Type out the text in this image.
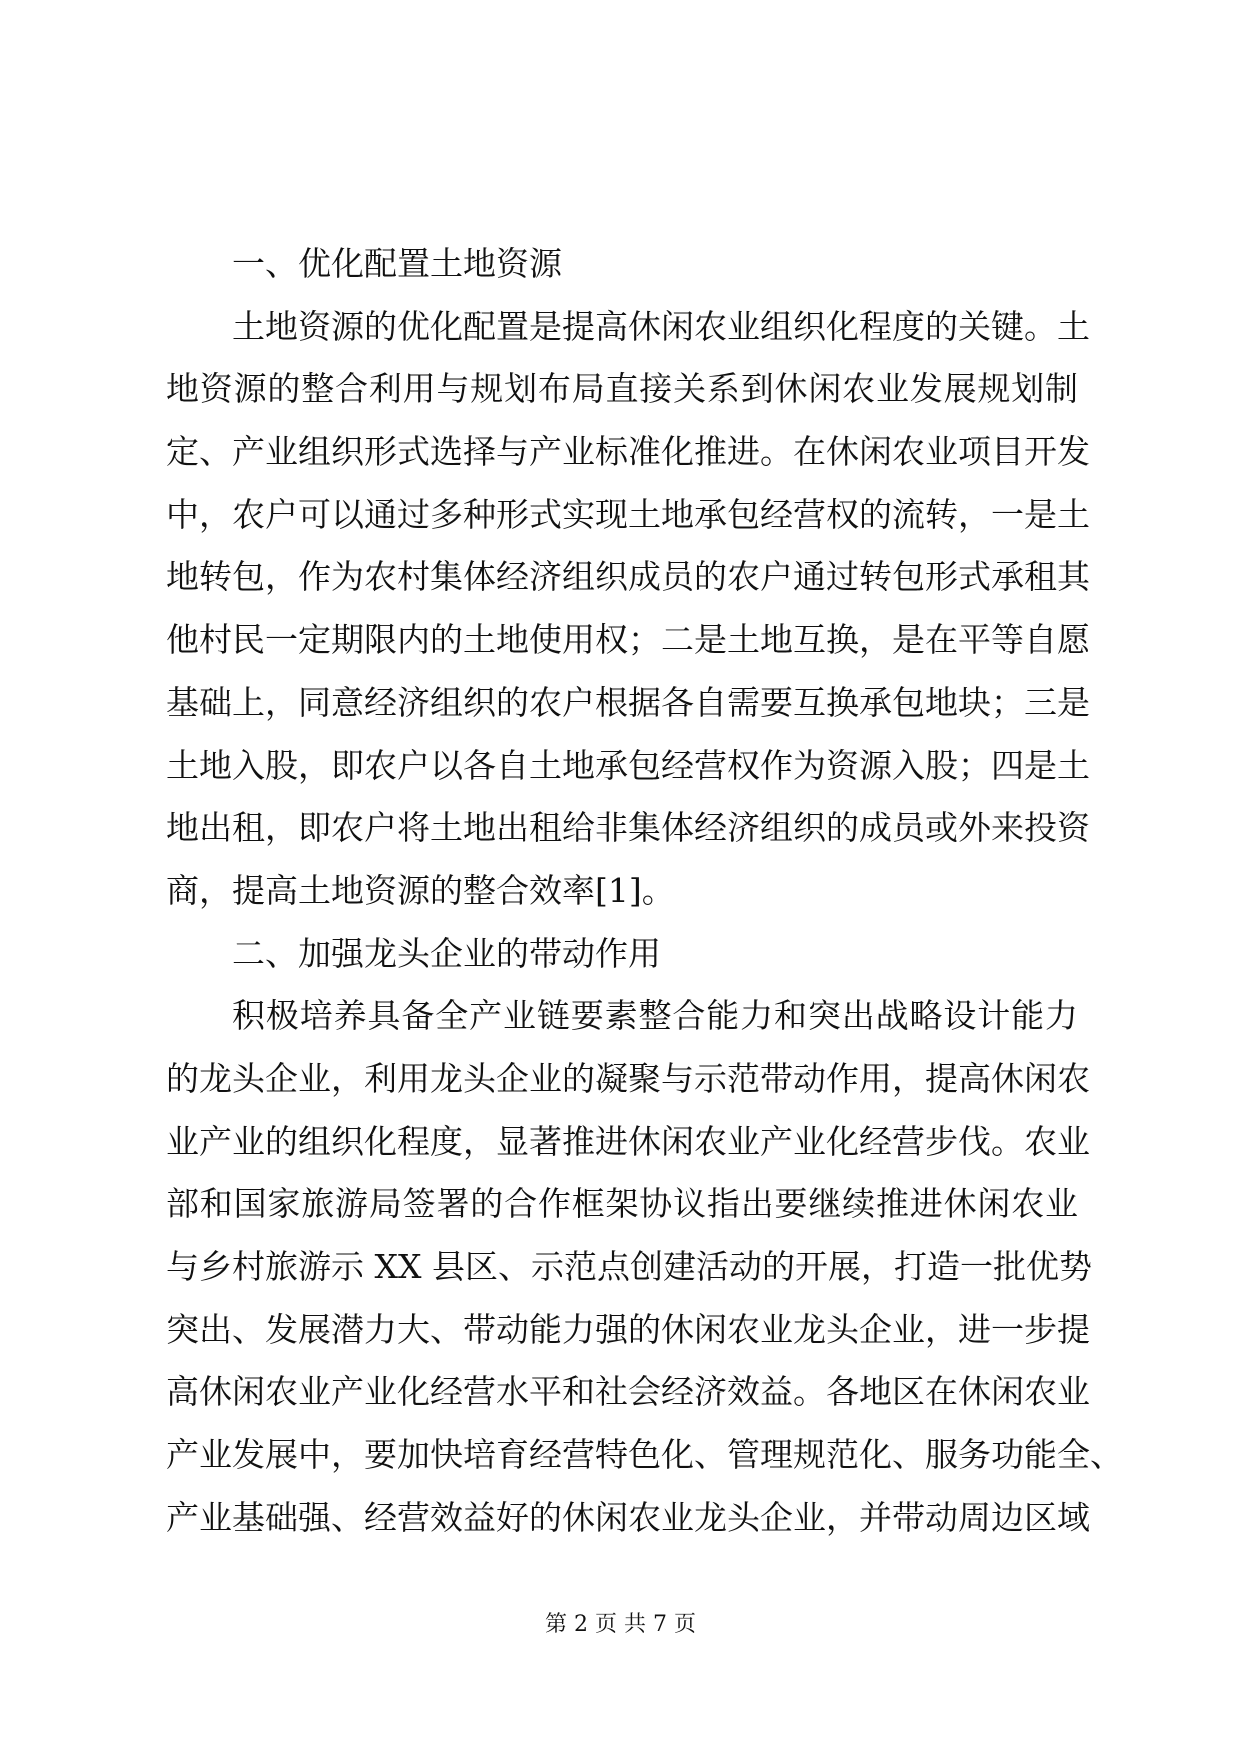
一、优化配置土地资源
土地资源的优化配置是提高休闲农业组织化程度的关键。土
地资源的整合利用与规划布局直接关系到休闲农业发展规划制
定、产业组织形式选择与产业标准化推进。在休闲农业项目开发
中，农户可以通过多种形式实现土地承包经营权的流转，一是土
地转包，作为农村集体经济组织成员的农户通过转包形式承租其
他村民一定期限内的土地使用权；二是土地互换，是在平等自愿
基础上，同意经济组织的农户根据各自需要互换承包地块；三是
土地入股，即农户以各自土地承包经营权作为资源入股；四是土
地出租，即农户将土地出租给非集体经济组织的成员或外来投资
商，提高土地资源的整合效率[1]。
二、加强龙头企业的带动作用
积极培养具备全产业链要素整合能力和突出战略设计能力
的龙头企业，利用龙头企业的凝聚与示范带动作用，提高休闲农
业产业的组织化程度，显著推进休闲农业产业化经营步伐。农业
部和国家旅游局签署的合作框架协议指出要继续推进休闲农业
与乡村旅游示 XX 县区、示范点创建活动的开展，打造一批优势
突出、发展潜力大、带动能力强的休闲农业龙头企业，进一步提
高休闲农业产业化经营水平和社会经济效益。各地区在休闲农业
产业发展中，要加快培育经营特色化、管理规范化、服务功能全、
产业基础强、经营效益好的休闲农业龙头企业，并带动周边区域
第 2 页 共 7 页
